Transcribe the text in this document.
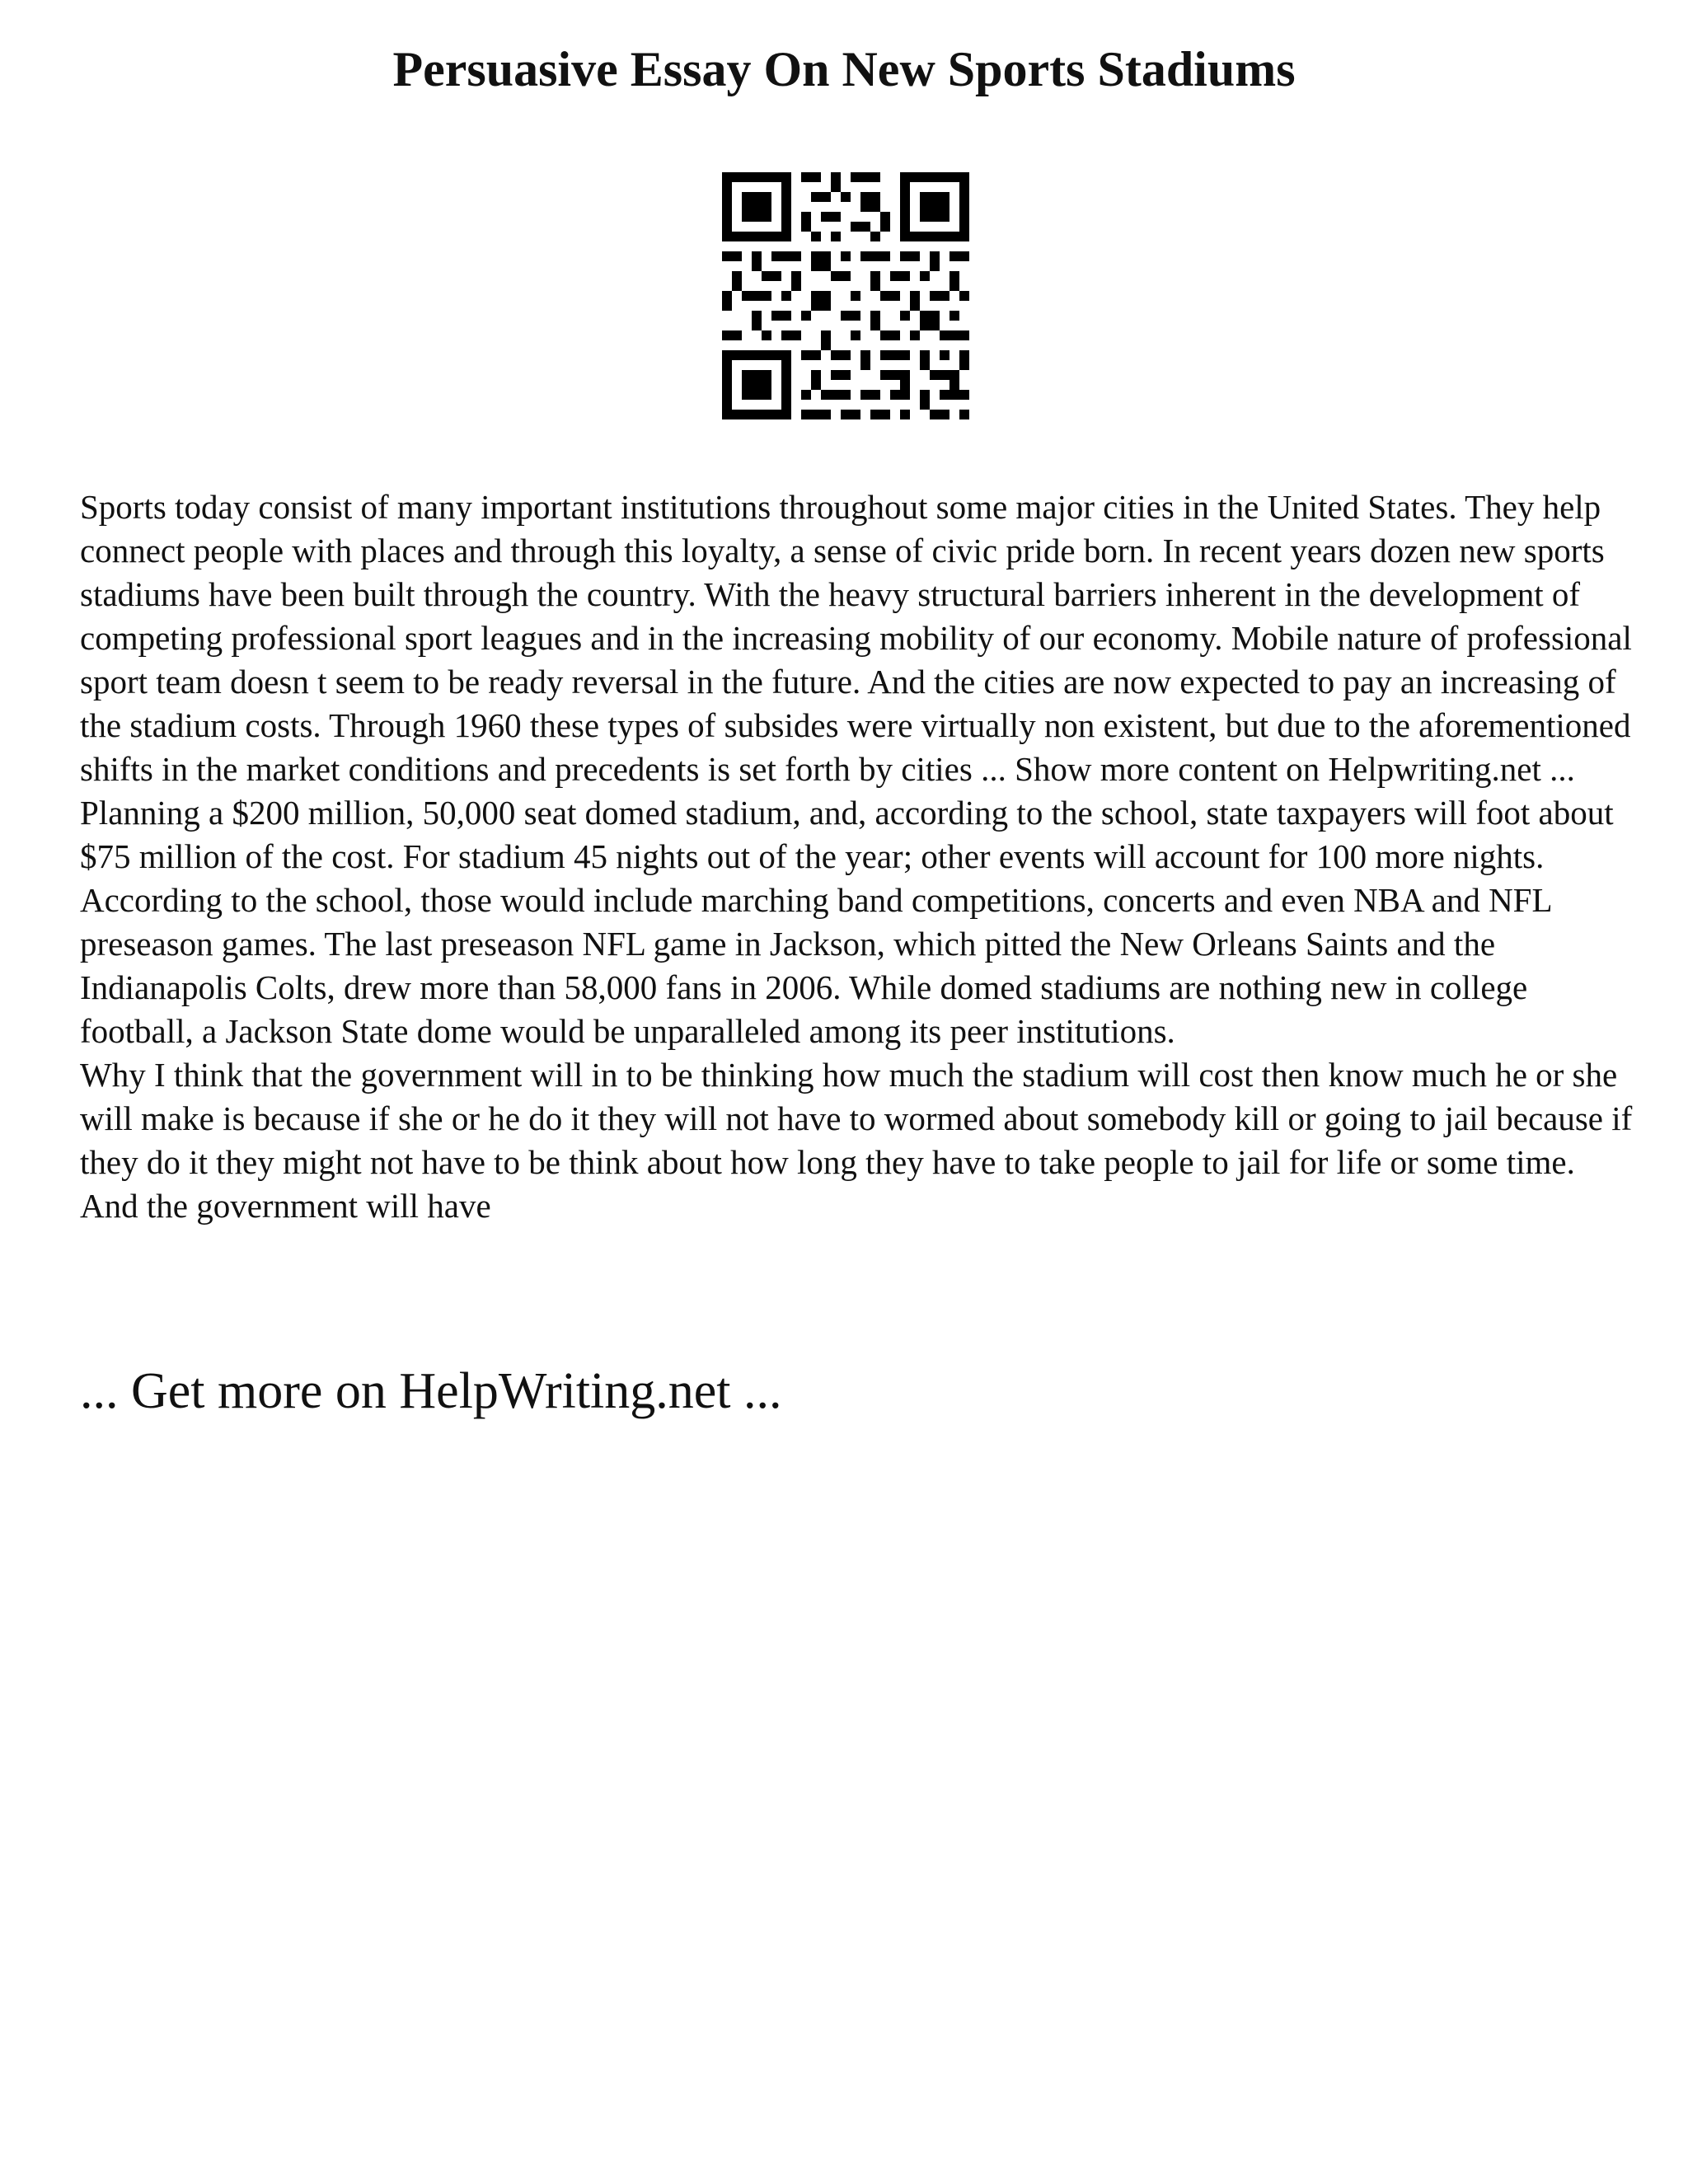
Persuasive Essay On New Sports Stadiums

Sports today consist of many important institutions throughout some major cities in the United States. They help connect people with places and through this loyalty, a sense of civic pride born. In recent years dozen new sports stadiums have been built through the country. With the heavy structural barriers inherent in the development of competing professional sport leagues and in the increasing mobility of our economy. Mobile nature of professional sport team doesn t seem to be ready reversal in the future. And the cities are now expected to pay an increasing of the stadium costs. Through 1960 these types of subsides were virtually non existent, but due to the aforementioned shifts in the market conditions and precedents is set forth by cities ... Show more content on Helpwriting.net ...

Planning a $200 million, 50,000 seat domed stadium, and, according to the school, state taxpayers will foot about $75 million of the cost. For stadium 45 nights out of the year; other events will account for 100 more nights. According to the school, those would include marching band competitions, concerts and even NBA and NFL preseason games. The last preseason NFL game in Jackson, which pitted the New Orleans Saints and the Indianapolis Colts, drew more than 58,000 fans in 2006. While domed stadiums are nothing new in college football, a Jackson State dome would be unparalleled among its peer institutions.

Why I think that the government will in to be thinking how much the stadium will cost then know much he or she will make is because if she or he do it they will not have to wormed about somebody kill or going to jail because if they do it they might not have to be think about how long they have to take people to jail for life or some time. And the government will have

... Get more on HelpWriting.net ...
